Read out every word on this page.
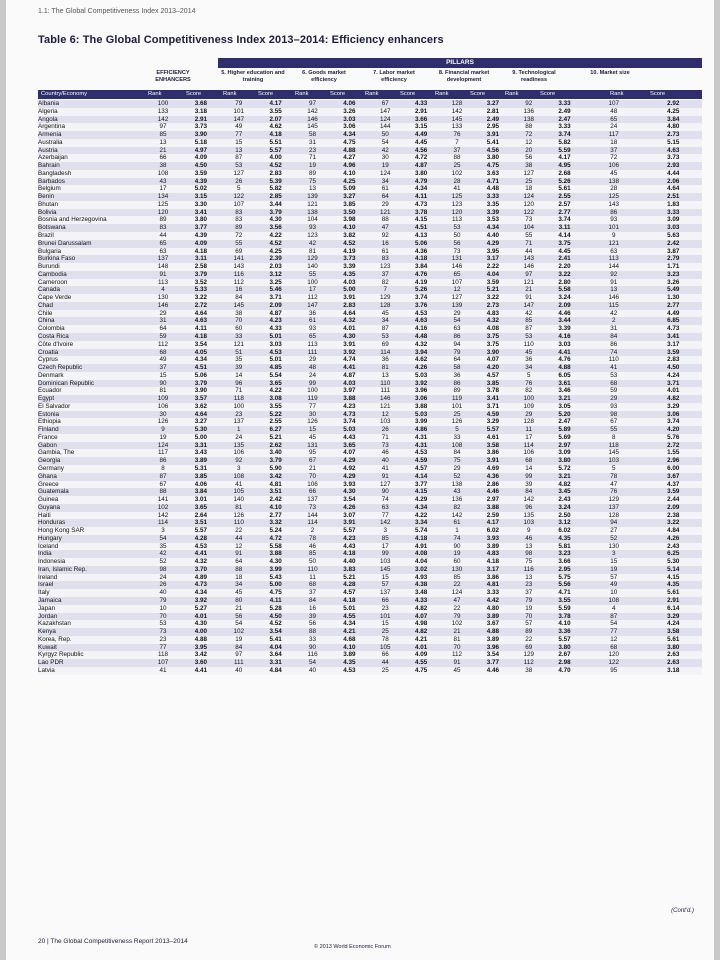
1.1: The Global Competitiveness Index 2013–2014
Table 6: The Global Competitiveness Index 2013–2014: Efficiency enhancers
PILLARS
EFFICIENCY ENHANCERS
5. Higher education and training
6. Goods market efficiency
7. Labor market efficiency
8. Financial market development
9. Technological readiness
10. Market size
Country/Economy	Rank	Score	Rank	Score	Rank	Score	Rank	Score	Rank	Score	Rank	Score	Rank	Score
Albania	100	3.68	79	4.17	97	4.06	67	4.33	128	3.27	92	3.33	107	2.92
Algeria	133	3.18	101	3.55	142	3.26	147	2.91	142	2.81	136	2.49	48	4.25
Angola	142	2.91	147	2.07	146	3.03	124	3.66	145	2.49	138	2.47	65	3.84
Argentina	97	3.73	49	4.62	145	3.06	144	3.15	133	2.95	88	3.33	24	4.80
Armenia	85	3.90	77	4.18	58	4.34	50	4.49	76	3.91	72	3.74	117	2.73
Australia	13	5.18	15	5.51	31	4.75	54	4.45	7	5.41	12	5.82	18	5.15
Austria	21	4.97	13	5.57	23	4.88	42	4.56	37	4.56	20	5.59	37	4.63
Azerbaijan	66	4.09	87	4.00	71	4.27	30	4.72	88	3.80	56	4.17	72	3.73
Bahrain	38	4.50	53	4.52	19	4.96	19	4.87	25	4.75	38	4.95	106	2.93
Bangladesh	108	3.59	127	2.83	89	4.10	124	3.80	102	3.63	127	2.68	45	4.44
Barbados	43	4.39	26	5.39	75	4.25	34	4.79	28	4.71	25	5.26	138	2.06
Belgium	17	5.02	5	5.82	13	5.09	61	4.34	41	4.48	18	5.61	28	4.64
Benin	134	3.15	122	2.85	139	3.27	64	4.11	125	3.33	124	2.55	125	2.51
Bhutan	125	3.30	107	3.44	121	3.85	29	4.73	123	3.35	120	2.57	143	1.83
Bolivia	120	3.41	83	3.79	138	3.50	121	3.78	120	3.39	122	2.77	86	3.33
Bosnia and Herzegovina	89	3.80	83	4.30	104	3.98	88	4.15	113	3.53	73	3.74	93	3.09
Botswana	83	3.77	89	3.56	93	4.10	47	4.51	53	4.34	104	3.11	101	3.03
Brazil	44	4.39	72	4.22	123	3.82	92	4.13	50	4.40	55	4.14	9	5.63
Brunei Darussalam	65	4.09	55	4.52	42	4.52	16	5.06	56	4.29	71	3.75	121	2.42
Bulgaria	63	4.18	69	4.25	81	4.19	61	4.36	73	3.95	44	4.45	63	3.87
Burkina Faso	137	3.11	141	2.39	129	3.73	83	4.18	131	3.17	143	2.41	113	2.79
Burundi	148	2.58	143	2.03	140	3.39	123	3.84	146	2.22	146	2.20	144	1.71
Cambodia	91	3.79	116	3.12	55	4.35	37	4.76	65	4.04	97	3.22	92	3.23
Cameroon	113	3.52	112	3.25	100	4.03	82	4.19	107	3.59	121	2.80	91	3.26
Canada	4	5.33	16	5.46	17	5.00	7	5.26	12	5.21	21	5.58	13	5.49
Cape Verde	130	3.22	84	3.71	112	3.91	129	3.74	127	3.22	91	3.24	146	1.30
Chad	146	2.72	145	2.09	147	2.83	128	3.76	139	2.73	147	2.09	115	2.77
Chile	29	4.64	38	4.87	36	4.64	45	4.53	29	4.83	42	4.46	42	4.49
China	31	4.63	70	4.23	61	4.32	34	4.63	54	4.32	85	3.44	2	6.85
Colombia	64	4.11	60	4.33	93	4.01	87	4.16	63	4.08	87	3.39	31	4.73
Costa Rica	59	4.18	33	5.01	65	4.30	53	4.48	86	3.75	53	4.16	84	3.41
Côte d'Ivoire	112	3.54	121	3.03	113	3.91	69	4.32	94	3.75	110	3.03	86	3.17
Croatia	68	4.05	51	4.53	111	3.92	114	3.94	79	3.90	45	4.41	74	3.59
Cyprus	49	4.34	35	5.01	29	4.74	36	4.62	64	4.07	36	4.76	110	2.83
Czech Republic	37	4.51	39	4.85	48	4.41	81	4.26	58	4.20	34	4.88	41	4.50
Denmark	15	5.06	14	5.54	24	4.87	13	5.03	36	4.57	5	6.05	53	4.24
Dominican Republic	90	3.79	96	3.65	99	4.03	110	3.92	86	3.85	76	3.61	68	3.71
Ecuador	81	3.90	71	4.22	100	3.97	111	3.96	89	3.78	82	3.46	59	4.01
Egypt	109	3.57	118	3.08	119	3.88	146	3.06	119	3.41	100	3.21	29	4.82
El Salvador	106	3.62	100	3.55	77	4.23	121	3.88	101	3.71	109	3.05	93	3.29
Estonia	30	4.64	23	5.22	30	4.73	12	5.03	25	4.59	29	5.20	98	3.06
Ethiopia	126	3.27	137	2.55	126	3.74	103	3.99	126	3.29	128	2.47	67	3.74
Finland	9	5.30	1	6.27	15	5.03	26	4.86	5	5.57	11	5.89	55	4.20
France	19	5.00	24	5.21	45	4.43	71	4.31	33	4.61	17	5.69	8	5.76
Gabon	124	3.31	135	2.62	131	3.65	73	4.31	108	3.58	114	2.97	118	2.72
Gambia, The	117	3.43	106	3.40	95	4.07	46	4.53	84	3.86	106	3.09	145	1.55
Georgia	86	3.89	92	3.79	67	4.29	40	4.59	75	3.91	68	3.80	103	2.96
Germany	8	5.31	3	5.90	21	4.92	41	4.57	29	4.69	14	5.72	5	6.00
Ghana	87	3.85	108	3.42	70	4.29	91	4.14	52	4.36	99	3.21	78	3.67
Greece	67	4.06	41	4.81	106	3.93	127	3.77	138	2.86	39	4.82	47	4.37
Guatemala	88	3.84	105	3.51	66	4.30	90	4.15	43	4.46	84	3.45	76	3.59
Guinea	141	3.01	140	2.42	137	3.54	74	4.29	136	2.97	142	2.43	129	2.44
Guyana	102	3.65	81	4.10	73	4.26	63	4.34	82	3.88	96	3.24	137	2.09
Haiti	142	2.64	126	2.77	144	3.07	77	4.22	142	2.59	135	2.50	128	2.38
Honduras	114	3.51	110	3.32	114	3.91	142	3.34	61	4.17	103	3.12	94	3.22
Hong Kong SAR	3	5.57	22	5.24	2	5.57	3	5.74	1	6.02	9	6.02	27	4.84
Hungary	54	4.28	44	4.72	78	4.23	85	4.18	74	3.93	46	4.35	52	4.26
Iceland	35	4.53	12	5.58	46	4.43	17	4.91	90	3.89	13	5.81	130	2.43
India	42	4.41	91	3.88	85	4.18	99	4.08	19	4.83	98	3.23	3	6.25
Indonesia	52	4.32	64	4.30	50	4.40	103	4.04	60	4.18	75	3.66	15	5.30
Iran, Islamic Rep.	98	3.70	88	3.99	110	3.83	145	3.02	130	3.17	116	2.95	19	5.14
Ireland	24	4.89	18	5.43	11	5.21	15	4.93	85	3.86	13	5.75	57	4.15
Israel	26	4.73	34	5.00	68	4.28	57	4.38	22	4.81	23	5.56	49	4.35
Italy	40	4.34	45	4.75	37	4.57	137	3.48	124	3.33	37	4.71	10	5.61
Jamaica	79	3.92	80	4.11	84	4.18	66	4.33	47	4.42	79	3.55	108	2.91
Japan	10	5.27	21	5.28	16	5.01	23	4.82	22	4.80	19	5.59	4	6.14
Jordan	70	4.01	56	4.50	39	4.55	101	4.07	79	3.89	70	3.78	87	3.29
Kazakhstan	53	4.30	54	4.52	56	4.34	15	4.98	102	3.67	57	4.10	54	4.24
Kenya	73	4.00	102	3.54	88	4.21	25	4.82	21	4.88	89	3.36	77	3.58
Korea, Rep.	23	4.88	19	5.41	33	4.68	78	4.21	81	3.89	22	5.57	12	5.61
Kuwait	77	3.95	84	4.04	90	4.10	105	4.01	70	3.96	69	3.80	68	3.80
Kyrgyz Republic	118	3.42	97	3.64	116	3.89	66	4.09	112	3.54	129	2.67	120	2.63
Lao PDR	107	3.60	111	3.31	54	4.35	44	4.55	91	3.77	112	2.98	122	2.63
Latvia	41	4.41	40	4.84	40	4.53	25	4.75	45	4.46	38	4.70	95	3.18
(Cont'd.)
20 | The Global Competitiveness Report 2013–2014
© 2013 World Economic Forum
